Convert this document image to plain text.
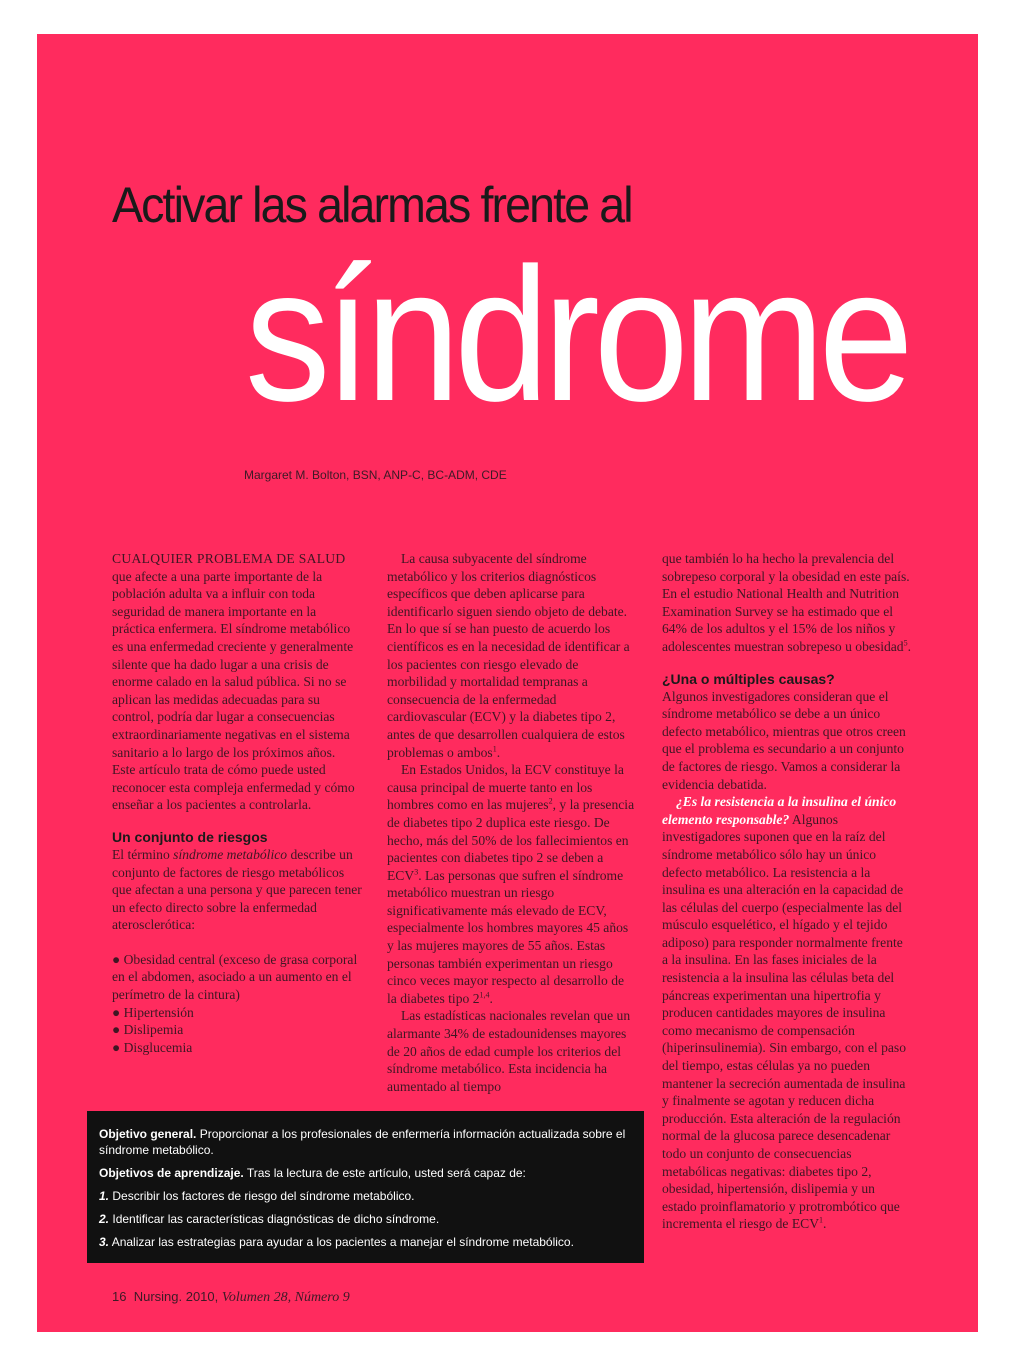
Activar las alarmas frente al
síndrome
Margaret M. Bolton, BSN, ANP-C, BC-ADM, CDE

CUALQUIER PROBLEMA DE SALUD
que afecte a una parte importante de la población adulta va a influir con toda seguridad de manera importante en la práctica enfermera. El síndrome metabólico es una enfermedad creciente y generalmente silente que ha dado lugar a una crisis de enorme calado en la salud pública. Si no se aplican las medidas adecuadas para su control, podría dar lugar a consecuencias extraordinariamente negativas en el sistema sanitario a lo largo de los próximos años. Este artículo trata de cómo puede usted reconocer esta compleja enfermedad y cómo enseñar a los pacientes a controlarla.

Un conjunto de riesgos

El término síndrome metabólico describe un conjunto de factores de riesgo metabólicos que afectan a una persona y que parecen tener un efecto directo sobre la enfermedad aterosclerótica:

● Obesidad central (exceso de grasa corporal en el abdomen, asociado a un aumento en el perímetro de la cintura)

● Hipertensión

● Dislipemia

● Disglucemia

La causa subyacente del síndrome metabólico y los criterios diagnósticos específicos que deben aplicarse para identificarlo siguen siendo objeto de debate. En lo que sí se han puesto de acuerdo los científicos es en la necesidad de identificar a los pacientes con riesgo elevado de morbilidad y mortalidad tempranas a consecuencia de la enfermedad cardiovascular (ECV) y la diabetes tipo 2, antes de que desarrollen cualquiera de estos problemas o ambos$^1$.

En Estados Unidos, la ECV constituye la causa principal de muerte tanto en los hombres como en las mujeres$^2$, y la presencia de diabetes tipo 2 duplica este riesgo. De hecho, más del 50% de los fallecimientos en pacientes con diabetes tipo 2 se deben a ECV$^3$. Las personas que sufren el síndrome metabólico muestran un riesgo significativamente más elevado de ECV, especialmente los hombres mayores 45 años y las mujeres mayores de 55 años. Estas personas también experimentan un riesgo cinco veces mayor respecto al desarrollo de la diabetes tipo 2$^{1,4}$.

Las estadísticas nacionales revelan que un alarmante 34% de estadounidenses mayores de 20 años de edad cumple los criterios del síndrome metabólico. Esta incidencia ha aumentado al tiempo

que también lo ha hecho la prevalencia del sobrepeso corporal y la obesidad en este país. En el estudio National Health and Nutrition Examination Survey se ha estimado que el 64% de los adultos y el 15% de los niños y adolescentes muestran sobrepeso u obesidad$^5$.

¿Una o múltiples causas?

Algunos investigadores consideran que el síndrome metabólico se debe a un único defecto metabólico, mientras que otros creen que el problema es secundario a un conjunto de factores de riesgo. Vamos a considerar la evidencia debatida.

¿Es la resistencia a la insulina el único elemento responsable? Algunos investigadores suponen que en la raíz del síndrome metabólico sólo hay un único defecto metabólico. La resistencia a la insulina es una alteración en la capacidad de las células del cuerpo (especialmente las del músculo esquelético, el hígado y el tejido adiposo) para responder normalmente frente a la insulina. En las fases iniciales de la resistencia a la insulina las células beta del páncreas experimentan una hipertrofia y producen cantidades mayores de insulina como mecanismo de compensación (hiperinsulinemia). Sin embargo, con el paso del tiempo, estas células ya no pueden mantener la secreción aumentada de insulina y finalmente se agotan y reducen dicha producción. Esta alteración de la regulación normal de la glucosa parece desencadenar todo un conjunto de consecuencias metabólicas negativas: diabetes tipo 2, obesidad, hipertensión, dislipemia y un estado proinflamatorio y protrombótico que incrementa el riesgo de ECV$^1$.

Objetivo general. Proporcionar a los profesionales de enfermería información actualizada sobre el síndrome metabólico.

Objetivos de aprendizaje. Tras la lectura de este artículo, usted será capaz de:

1. Describir los factores de riesgo del síndrome metabólico.

2. Identificar las características diagnósticas de dicho síndrome.

3. Analizar las estrategias para ayudar a los pacientes a manejar el síndrome metabólico.

16 Nursing. 2010, Volumen 28, Número 9
